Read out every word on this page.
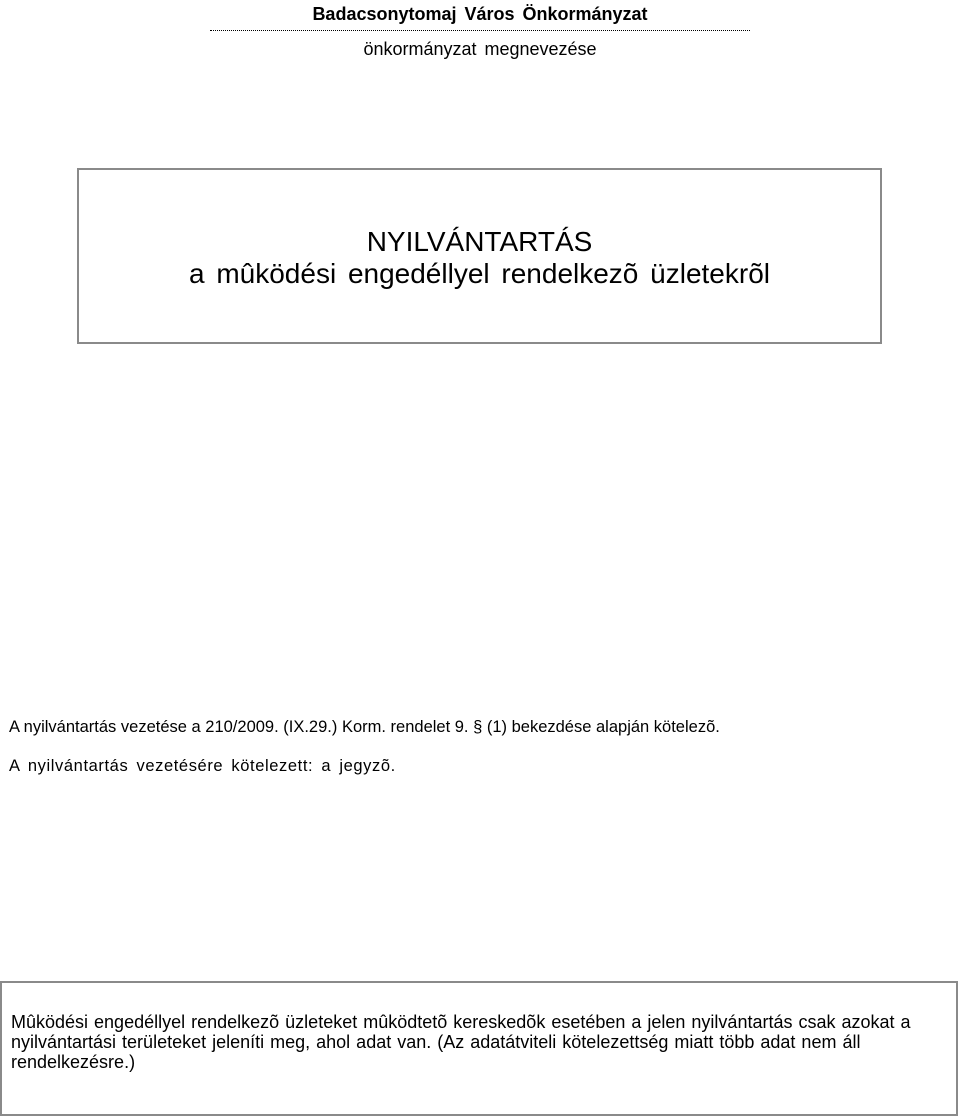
Badacsonytomaj Város Önkormányzat
önkormányzat megnevezése
NYILVÁNTARTÁS
a mûködési engedéllyel rendelkezõ üzletekrõl
A nyilvántartás vezetése a 210/2009. (IX.29.) Korm. rendelet 9. § (1) bekezdése alapján kötelezõ.
A nyilvántartás vezetésére kötelezett: a jegyzõ.
Mûködési engedéllyel rendelkezõ üzleteket mûködtetõ kereskedõk esetében a jelen nyilvántartás csak azokat a nyilvántartási területeket jeleníti meg, ahol adat van. (Az adatátviteli kötelezettség miatt több adat nem áll rendelkezésre.)
